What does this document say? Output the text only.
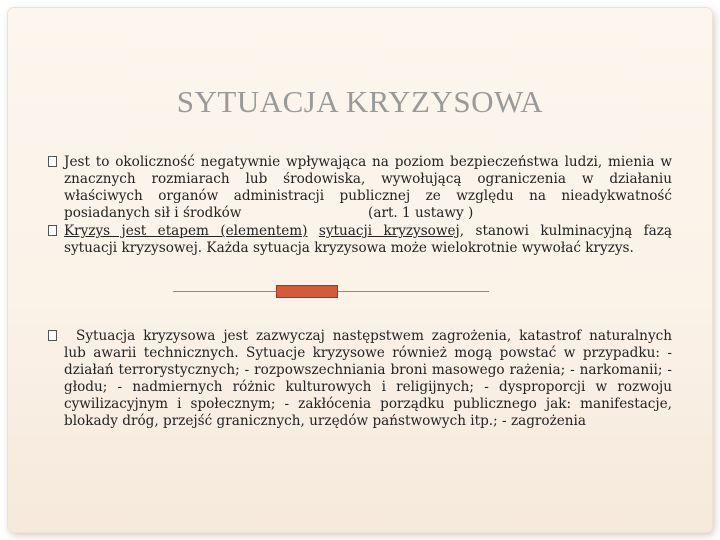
SYTUACJA KRYZYSOWA

Jest to okoliczność negatywnie wpływająca na poziom bezpieczeństwa ludzi, mienia w znacznych rozmiarach lub środowiska, wywołującą ograniczenia w działaniu właściwych organów administracji publicznej ze względu na nieadykwatność posiadanych sił i środków	(art. 1 ustawy )

Kryzys jest etapem (elementem) sytuacji kryzysowej, stanowi kulminacyjną fazą sytuacji kryzysowej. Każda sytuacja kryzysowa może wielokrotnie wywołać kryzys.

Sytuacja kryzysowa jest zazwyczaj następstwem zagrożenia, katastrof naturalnych lub awarii technicznych. Sytuacje kryzysowe również mogą powstać w przypadku: - działań terrorystycznych; - rozpowszechniania broni masowego rażenia; - narkomanii; - głodu; - nadmiernych różnic kulturowych i religijnych; - dysproporcji w rozwoju cywilizacyjnym i społecznym; - zakłócenia porządku publicznego jak: manifestacje, blokady dróg, przejść granicznych, urzędów państwowych itp.; - zagrożenia
